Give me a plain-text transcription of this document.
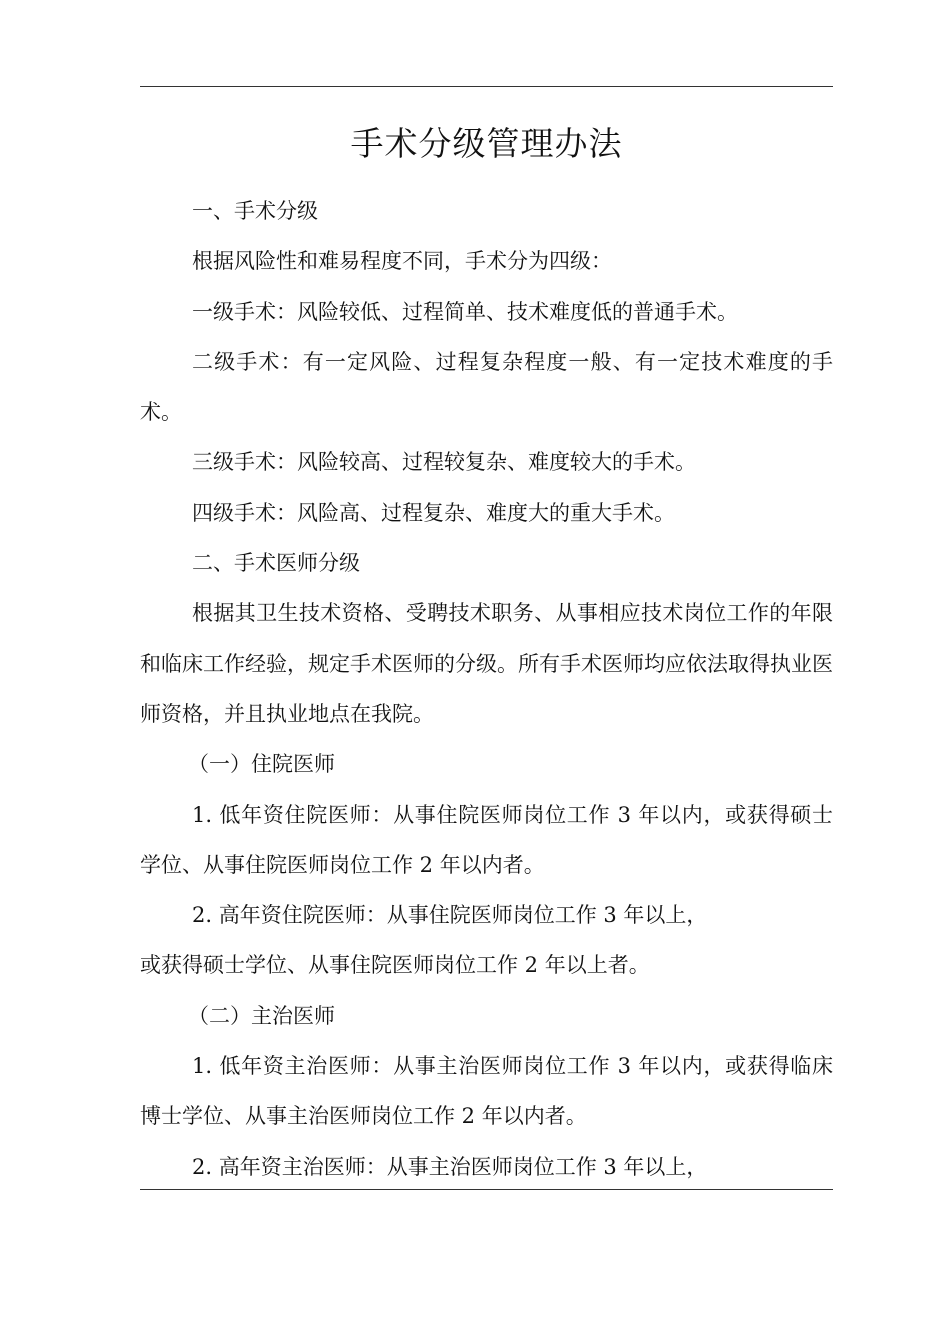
手术分级管理办法

一、手术分级

根据风险性和难易程度不同，手术分为四级：

一级手术：风险较低、过程简单、技术难度低的普通手术。

二级手术：有一定风险、过程复杂程度一般、有一定技术难度的手术。

三级手术：风险较高、过程较复杂、难度较大的手术。

四级手术：风险高、过程复杂、难度大的重大手术。

二、手术医师分级

根据其卫生技术资格、受聘技术职务、从事相应技术岗位工作的年限和临床工作经验，规定手术医师的分级。所有手术医师均应依法取得执业医师资格，并且执业地点在我院。

（一）住院医师

1. 低年资住院医师：从事住院医师岗位工作 3 年以内，或获得硕士学位、从事住院医师岗位工作 2 年以内者。

2. 高年资住院医师：从事住院医师岗位工作 3 年以上，

或获得硕士学位、从事住院医师岗位工作 2 年以上者。

（二）主治医师

1. 低年资主治医师：从事主治医师岗位工作 3 年以内，或获得临床博士学位、从事主治医师岗位工作 2 年以内者。

2. 高年资主治医师：从事主治医师岗位工作 3 年以上，
